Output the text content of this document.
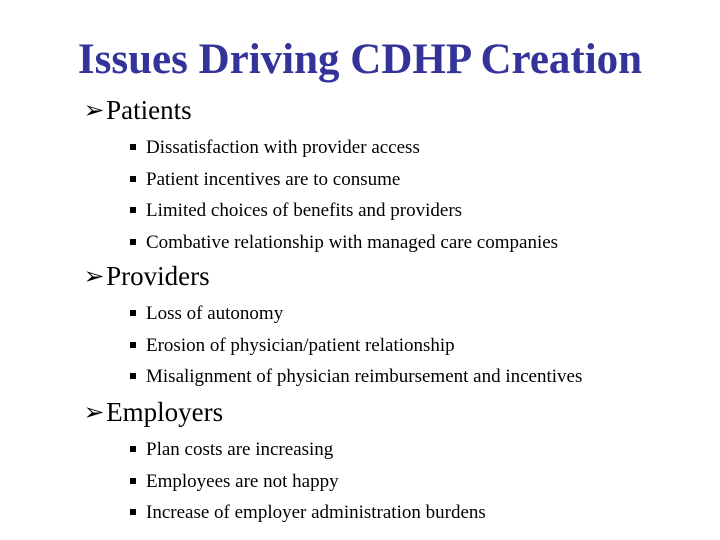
Issues Driving CDHP Creation
➢ Patients
Dissatisfaction with provider access
Patient incentives are to consume
Limited choices of benefits and providers
Combative relationship with managed care companies
➢ Providers
Loss of autonomy
Erosion of physician/patient relationship
Misalignment of physician reimbursement and incentives
➢ Employers
Plan costs are increasing
Employees are not happy
Increase of employer administration burdens
